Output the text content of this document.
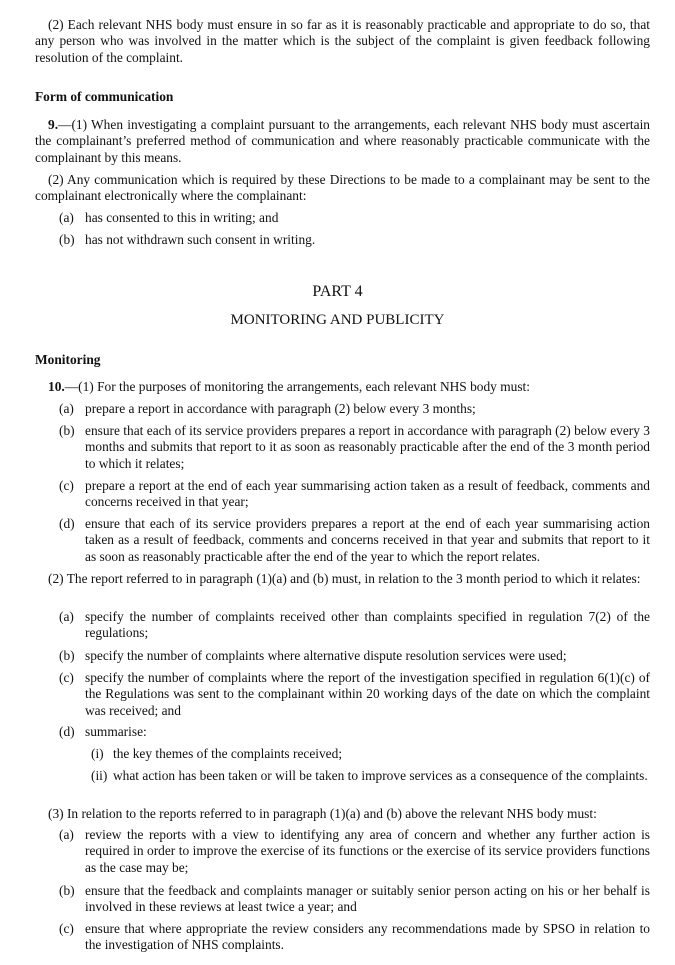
(2) Each relevant NHS body must ensure in so far as it is reasonably practicable and appropriate to do so, that any person who was involved in the matter which is the subject of the complaint is given feedback following resolution of the complaint.
Form of communication
9.—(1) When investigating a complaint pursuant to the arrangements, each relevant NHS body must ascertain the complainant’s preferred method of communication and where reasonably practicable communicate with the complainant by this means.
(2) Any communication which is required by these Directions to be made to a complainant may be sent to the complainant electronically where the complainant:
(a) has consented to this in writing; and
(b) has not withdrawn such consent in writing.
PART 4
MONITORING AND PUBLICITY
Monitoring
10.—(1) For the purposes of monitoring the arrangements, each relevant NHS body must:
(a) prepare a report in accordance with paragraph (2) below every 3 months;
(b) ensure that each of its service providers prepares a report in accordance with paragraph (2) below every 3 months and submits that report to it as soon as reasonably practicable after the end of the 3 month period to which it relates;
(c) prepare a report at the end of each year summarising action taken as a result of feedback, comments and concerns received in that year;
(d) ensure that each of its service providers prepares a report at the end of each year summarising action taken as a result of feedback, comments and concerns received in that year and submits that report to it as soon as reasonably practicable after the end of the year to which the report relates.
(2) The report referred to in paragraph (1)(a) and (b) must, in relation to the 3 month period to which it relates:
(a) specify the number of complaints received other than complaints specified in regulation 7(2) of the regulations;
(b) specify the number of complaints where alternative dispute resolution services were used;
(c) specify the number of complaints where the report of the investigation specified in regulation 6(1)(c) of the Regulations was sent to the complainant within 20 working days of the date on which the complaint was received; and
(d) summarise:
(i) the key themes of the complaints received;
(ii) what action has been taken or will be taken to improve services as a consequence of the complaints.
(3) In relation to the reports referred to in paragraph (1)(a) and (b) above the relevant NHS body must:
(a) review the reports with a view to identifying any area of concern and whether any further action is required in order to improve the exercise of its functions or the exercise of its service providers functions as the case may be;
(b) ensure that the feedback and complaints manager or suitably senior person acting on his or her behalf is involved in these reviews at least twice a year; and
(c) ensure that where appropriate the review considers any recommendations made by SPSO in relation to the investigation of NHS complaints.
